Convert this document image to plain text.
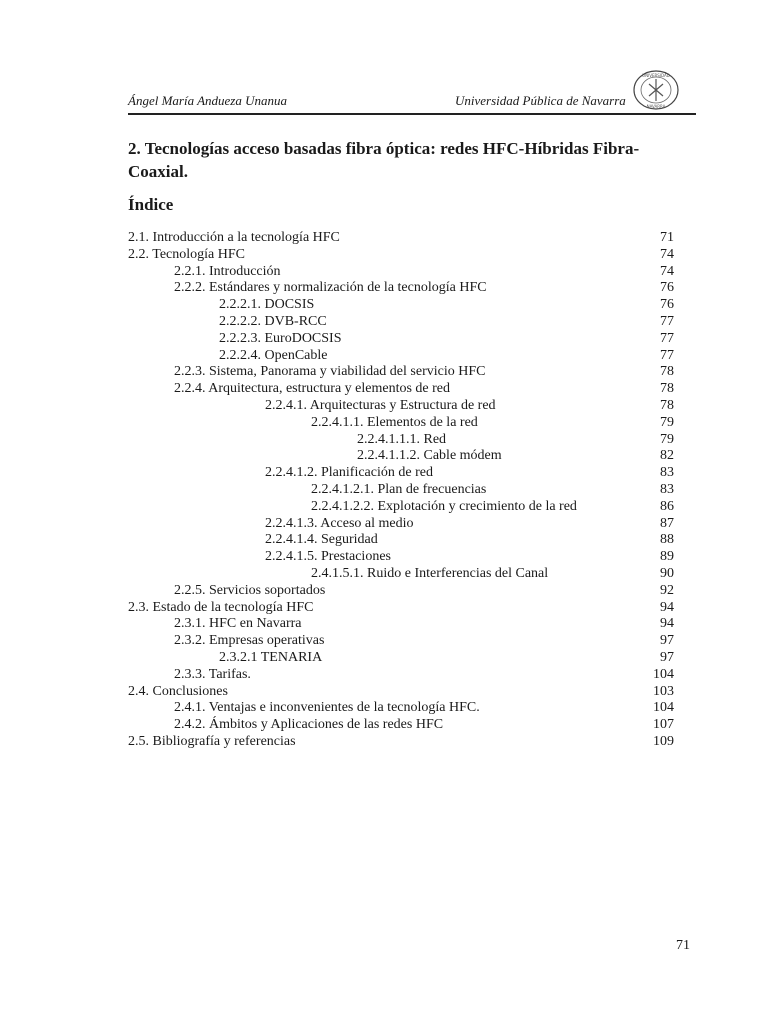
Ángel María Andueza Unanua	Universidad Pública de Navarra
UNIVERSIDAD
NAVARRA
2. Tecnologías acceso basadas fibra óptica: redes HFC-Híbridas Fibra-Coaxial.
Índice
2.1. Introducción a la tecnología HFC	71
2.2. Tecnología HFC	74
2.2.1. Introducción	74
2.2.2. Estándares y normalización de la tecnología HFC	76
2.2.2.1. DOCSIS	76
2.2.2.2. DVB-RCC	77
2.2.2.3. EuroDOCSIS	77
2.2.2.4. OpenCable	77
2.2.3. Sistema, Panorama y viabilidad del servicio HFC	78
2.2.4. Arquitectura, estructura y elementos de red	78
2.2.4.1. Arquitecturas y Estructura de red	78
2.2.4.1.1. Elementos de la red	79
2.2.4.1.1.1. Red	79
2.2.4.1.1.2. Cable módem	82
2.2.4.1.2. Planificación de red	83
2.2.4.1.2.1. Plan de frecuencias	83
2.2.4.1.2.2. Explotación y crecimiento de la red	86
2.2.4.1.3. Acceso al medio	87
2.2.4.1.4. Seguridad	88
2.2.4.1.5. Prestaciones	89
2.4.1.5.1. Ruido e Interferencias del Canal	90
2.2.5. Servicios soportados	92
2.3. Estado de la tecnología HFC	94
2.3.1. HFC en Navarra	94
2.3.2. Empresas operativas	97
2.3.2.1 TENARIA	97
2.3.3. Tarifas.	104
2.4. Conclusiones	103
2.4.1. Ventajas e inconvenientes de la tecnología HFC.	104
2.4.2. Ámbitos y Aplicaciones de las redes HFC	107
2.5. Bibliografía y referencias	109
71
